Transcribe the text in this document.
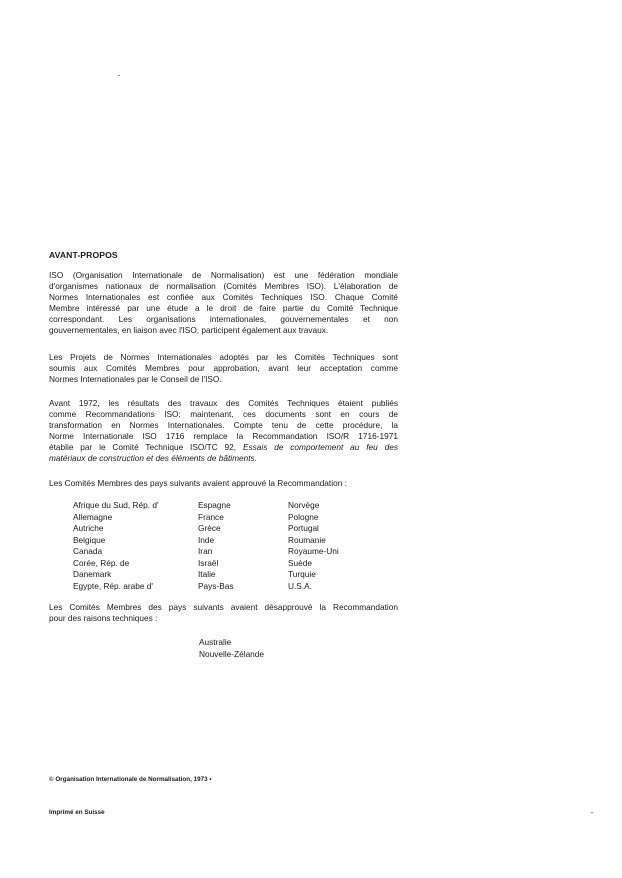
AVANT-PROPOS

ISO (Organisation Internationale de Normalisation) est une fédération mondiale
d'organismes nationaux de normalisation (Comités Membres ISO). L'élaboration de
Normes Internationales est confiée aux Comités Techniques ISO. Chaque Comité
Membre intéressé par une étude a le droit de faire partie du Comité Technique
correspondant. Les organisations internationales, gouvernementales et non
gouvernementales, en liaison avec l'ISO, participent également aux travaux.

Les Projets de Normes Internationales adoptés par les Comités Techniques sont
soumis aux Comités Membres pour approbation, avant leur acceptation comme
Normes Internationales par le Conseil de l'ISO.

Avant 1972, les résultats des travaux des Comités Techniques étaient publiés
comme Recommandations ISO; maintenant, ces documents sont en cours de
transformation en Normes Internationales. Compte tenu de cette procédure, la
Norme Internationale ISO 1716 remplace la Recommandation ISO/R 1716-1971
établie par le Comité Technique ISO/TC 92, Essais de comportement au feu des
matériaux de construction et des éléments de bâtiments.

Les Comités Membres des pays suivants avaient approuvé la Recommandation :

Afrique du Sud, Rép. d'
Allemagne
Autriche
Belgique
Canada
Corée, Rép. de
Danemark
Egypte, Rép. arabe d'
Espagne
France
Grèce
Inde
Iran
Israël
Italie
Pays-Bas
Norvège
Pologne
Portugal
Roumanie
Royaume-Uni
Suède
Turquie
U.S.A.

Les Comités Membres des pays suivants avaient désapprouvé la Recommandation
pour des raisons techniques :

Australie
Nouvelle-Zélande
© Organisation Internationale de Normalisation, 1973 •
Imprimé en Suisse
